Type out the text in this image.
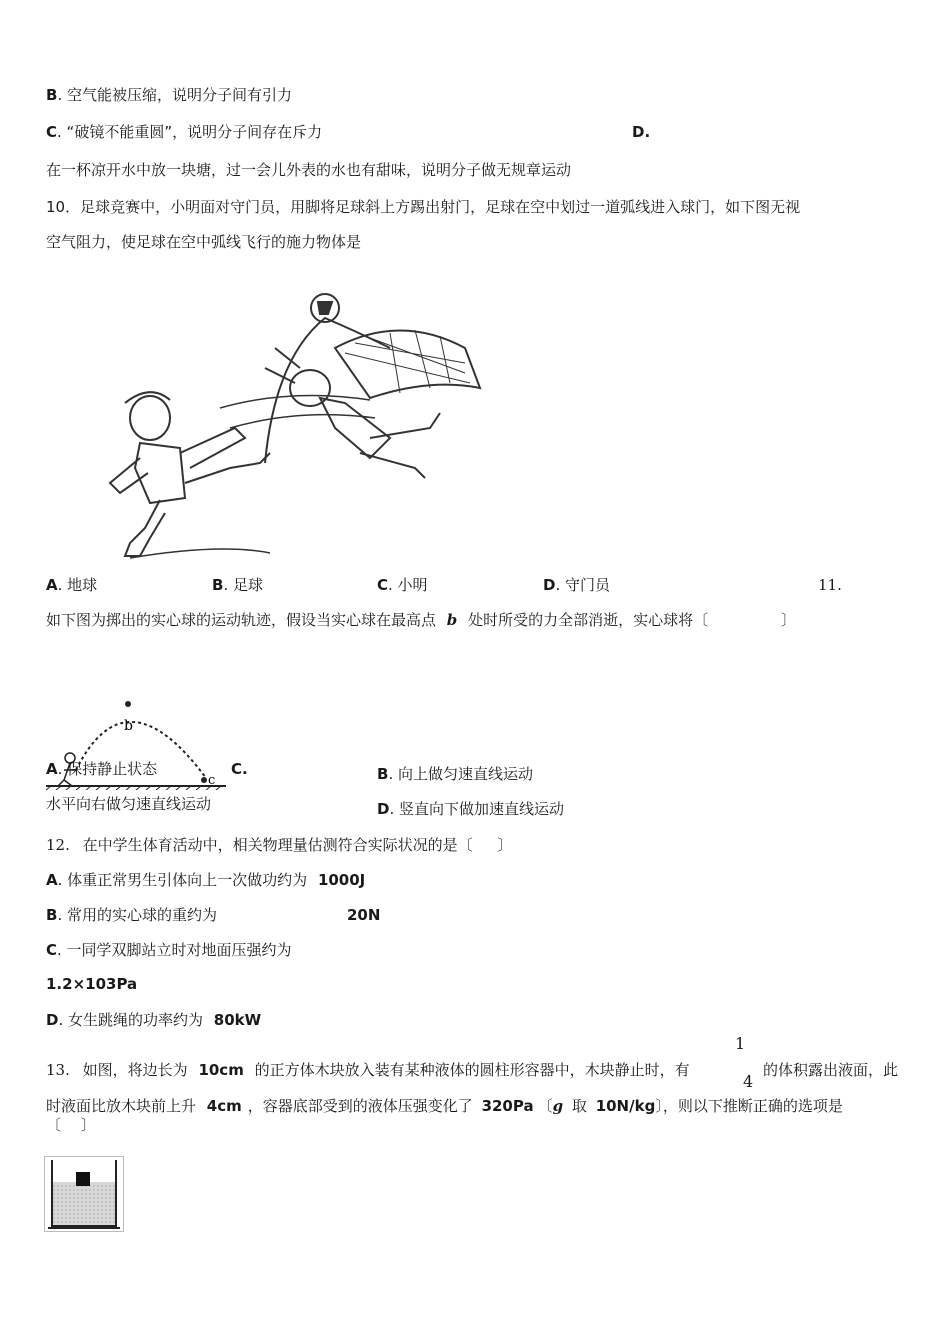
B. 空气能被压缩，说明分子间有引力
C. “破镜不能重圆”，说明分子间存在斥力	D.
在一杯凉开水中放一块塘，过一会儿外表的水也有甜味，说明分子做无规章运动
10．足球竞赛中，小明面对守门员，用脚将足球斜上方踢出射门，足球在空中划过一道弧线进入球门，如下图无视
空气阻力，使足球在空中弧线飞行的施力物体是
A. 地球	B. 足球	C. 小明	D. 守门员	11.
如下图为掷出的实心球的运动轨迹，假设当实心球在最高点 b 处时所受的力全部消逝，实心球将〔	〕
b
c
A. 保持静止状态	C.	B. 向上做匀速直线运动
水平向右做匀速直线运动	D. 竖直向下做加速直线运动
12. 在中学生体育活动中，相关物理量估测符合实际状况的是〔 〕
A. 体重正常男生引体向上一次做功约为 1000J
B. 常用的实心球的重约为	20N
C. 一同学双脚站立时对地面压强约为
1.2×103Pa
D. 女生跳绳的功率约为 80kW
1
4
13. 如图，将边长为 10cm 的正方体木块放入装有某种液体的圆柱形容器中，木块静止时，有	的体积露出液面，此
时液面比放木块前上升 4cm ，容器底部受到的液体压强变化了 320Pa 〔g 取 10N/kg〕，则以下推断正确的选项是
〔　 〕
